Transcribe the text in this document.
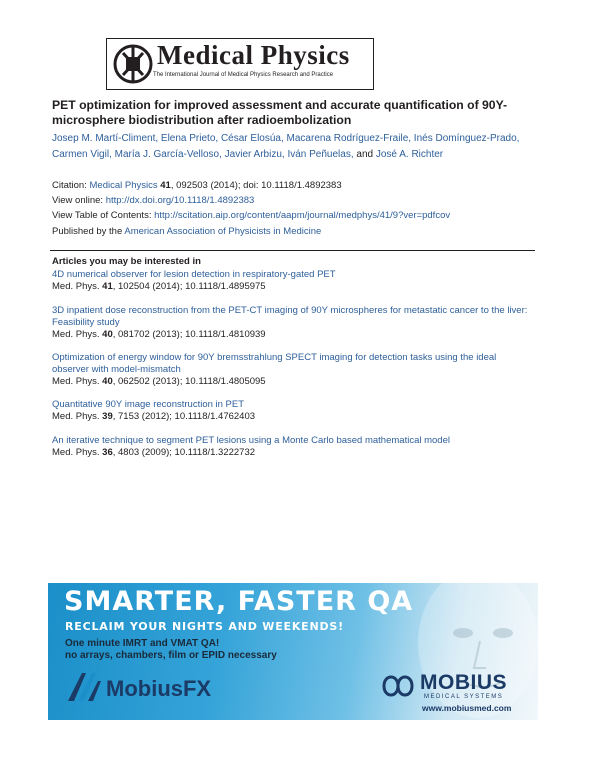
Medical Physics
The International Journal of Medical Physics Research and Practice
PET optimization for improved assessment and accurate quantification of 90Y-microsphere biodistribution after radioembolization
Josep M. Martí-Climent, Elena Prieto, César Elosúa, Macarena Rodríguez-Fraile, Inés Domínguez-Prado,
Carmen Vigil, María J. García-Velloso, Javier Arbizu, Iván Peñuelas, and José A. Richter
Citation: Medical Physics 41, 092503 (2014); doi: 10.1118/1.4892383
View online: http://dx.doi.org/10.1118/1.4892383
View Table of Contents: http://scitation.aip.org/content/aapm/journal/medphys/41/9?ver=pdfcov
Published by the American Association of Physicists in Medicine
Articles you may be interested in
4D numerical observer for lesion detection in respiratory-gated PET
Med. Phys. 41, 102504 (2014); 10.1118/1.4895975
3D inpatient dose reconstruction from the PET-CT imaging of 90Y microspheres for metastatic cancer to the liver: Feasibility study
Med. Phys. 40, 081702 (2013); 10.1118/1.4810939
Optimization of energy window for 90Y bremsstrahlung SPECT imaging for detection tasks using the ideal observer with model-mismatch
Med. Phys. 40, 062502 (2013); 10.1118/1.4805095
Quantitative 90Y image reconstruction in PET
Med. Phys. 39, 7153 (2012); 10.1118/1.4762403
An iterative technique to segment PET lesions using a Monte Carlo based mathematical model
Med. Phys. 36, 4803 (2009); 10.1118/1.3222732
SMARTER, FASTER QA
RECLAIM YOUR NIGHTS AND WEEKENDS!
One minute IMRT and VMAT QA!
no arrays, chambers, film or EPID necessary
MobiusFX	MOBIUS
MEDICAL SYSTEMS
www.mobiusmed.com
